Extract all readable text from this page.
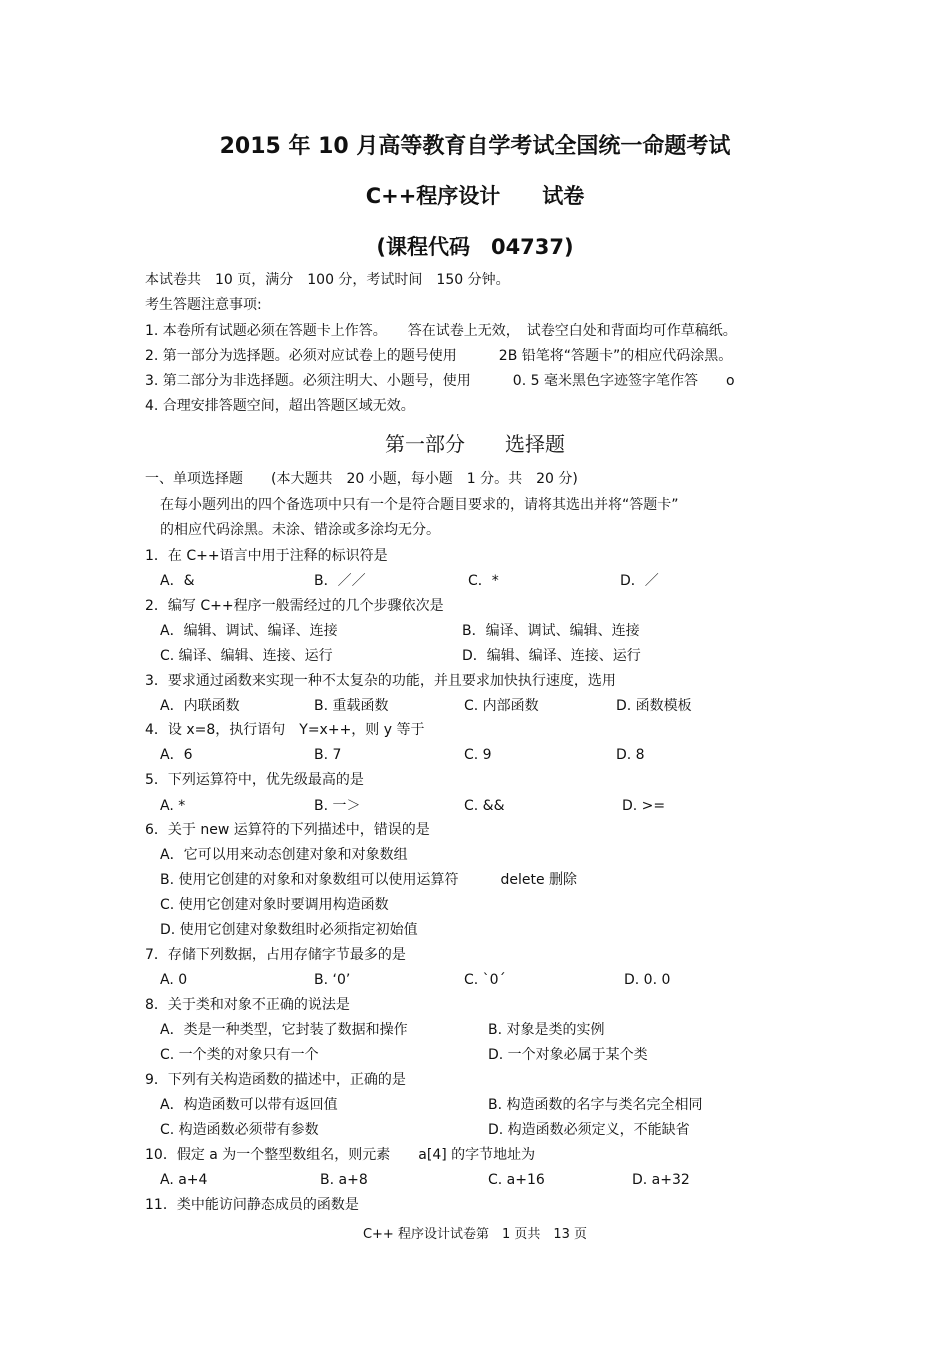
2015 年 10 月高等教育自学考试全国统一命题考试
C++程序设计　　试卷
(课程代码　04737)
本试卷共　10 页，满分　100 分，考试时间　150 分钟。
考生答题注意事项:
1. 本卷所有试题必须在答题卡上作答。　　答在试卷上无效，　试卷空白处和背面均可作草稿纸。
2. 第一部分为选择题。必须对应试卷上的题号使用　　　2B 铅笔将“答题卡”的相应代码涂黑。
3. 第二部分为非选择题。必须注明大、小题号，使用　　　0. 5 毫米黑色字迹签字笔作答　　o
4. 合理安排答题空间，超出答题区域无效。
第一部分　　选择题
一、单项选择题　　(本大题共　20 小题，每小题　1 分。共　20 分)
在每小题列出的四个备选项中只有一个是符合题目要求的，请将其选出并将“答题卡”
的相应代码涂黑。未涂、错涂或多涂均无分。
1．在 C++语言中用于注释的标识符是
A．&	B．／／	C．*	D．／
2．编写 C++程序一般需经过的几个步骤依次是
A．编辑、调试、编译、连接	B．编译、调试、编辑、连接
C. 编译、编辑、连接、运行	D．编辑、编译、连接、运行
3．要求通过函数来实现一种不太复杂的功能，并且要求加快执行速度，选用
A．内联函数	B. 重载函数	C. 内部函数	D. 函数模板
4．设 x=8，执行语句　Y=x++，则 y 等于
A．6	B. 7	C. 9	D. 8
5．下列运算符中，优先级最高的是
A. *	B. 一＞	C. &&	D. >=
6．关于 new 运算符的下列描述中，错误的是
A．它可以用来动态创建对象和对象数组
B. 使用它创建的对象和对象数组可以使用运算符　　　delete 删除
C. 使用它创建对象时要调用构造函数
D. 使用它创建对象数组时必须指定初始值
7．存储下列数据，占用存储字节最多的是
A. 0	B. ‘0’	C. ˋ0ˊ	D. 0. 0
8．关于类和对象不正确的说法是
A．类是一种类型，它封装了数据和操作	B. 对象是类的实例
C. 一个类的对象只有一个	D. 一个对象必属于某个类
9．下列有关构造函数的描述中，正确的是
A．构造函数可以带有返回值	B. 构造函数的名字与类名完全相同
C. 构造函数必须带有参数	D. 构造函数必须定义，不能缺省
10．假定 a 为一个整型数组名，则元素　　a[4] 的字节地址为
A. a+4	B. a+8	C. a+16	D. a+32
11．类中能访问静态成员的函数是
C++ 程序设计试卷第　1 页共　13 页
